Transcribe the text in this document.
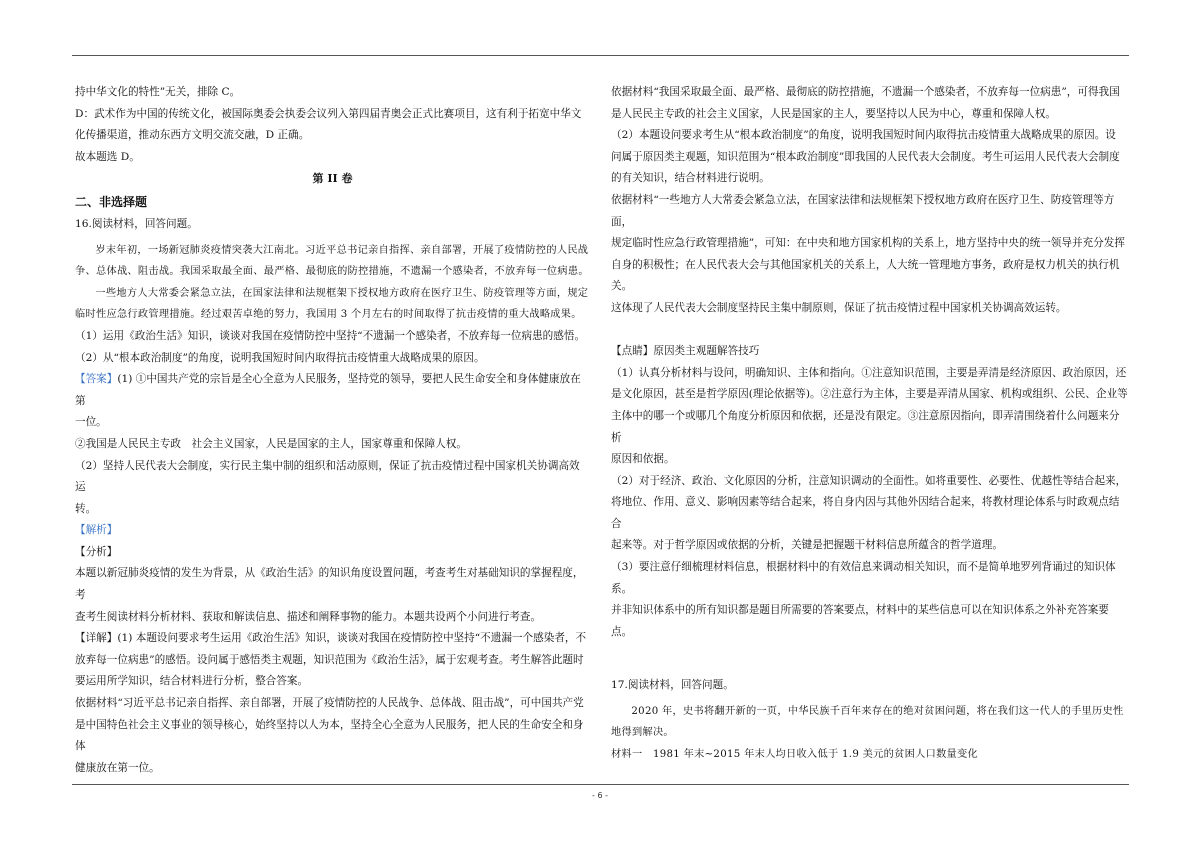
持中华文化的特性”无关，排除 C。

D：武术作为中国的传统文化，被国际奥委会执委会议列入第四届青奥会正式比赛项目，这有利于拓宽中华文

化传播渠道，推动东西方文明交流交融，D 正确。

故本题选 D。

第 II 卷

二、非选择题

16.阅读材料，回答问题。

岁末年初，一场新冠肺炎疫情突袭大江南北。习近平总书记亲自指挥、亲自部署，开展了疫情防控的人民战

争、总体战、阻击战。我国采取最全面、最严格、最彻底的防控措施，不遗漏一个感染者，不放弃每一位病患。

一些地方人大常委会紧急立法，在国家法律和法规框架下授权地方政府在医疗卫生、防疫管理等方面，规定

临时性应急行政管理措施。经过艰苦卓绝的努力，我国用 3 个月左右的时间取得了抗击疫情的重大战略成果。

（1）运用《政治生活》知识，谈谈对我国在疫情防控中坚持“不遗漏一个感染者，不放弃每一位病患的感悟。

（2）从“根本政治制度”的角度，说明我国短时间内取得抗击疫情重大战略成果的原因。

【答案】(1) ①中国共产党的宗旨是全心全意为人民服务，坚持党的领导，要把人民生命安全和身体健康放在第

一位。

②我国是人民民主专政　社会主义国家，人民是国家的主人，国家尊重和保障人权。

（2）坚持人民代表大会制度，实行民主集中制的组织和活动原则，保证了抗击疫情过程中国家机关协调高效运

转。

【解析】

【分析】

本题以新冠肺炎疫情的发生为背景，从《政治生活》的知识角度设置问题，考查考生对基础知识的掌握程度，考

查考生阅读材料分析材料、获取和解读信息、描述和阐释事物的能力。本题共设两个小问进行考查。

【详解】(1) 本题设问要求考生运用《政治生活》知识，谈谈对我国在疫情防控中坚持“不遗漏一个感染者，不

放弃每一位病患”的感悟。设问属于感悟类主观题，知识范围为《政治生活》，属于宏观考查。考生解答此题时

要运用所学知识，结合材料进行分析，整合答案。

依据材料“习近平总书记亲自指挥、亲自部署，开展了疫情防控的人民战争、总体战、阻击战”，可中国共产党

是中国特色社会主义事业的领导核心，始终坚持以人为本，坚持全心全意为人民服务，把人民的生命安全和身体

健康放在第一位。

依据材料“我国采取最全面、最严格、最彻底的防控措施，不遗漏一个感染者，不放弃每一位病患”，可得我国

是人民民主专政的社会主义国家，人民是国家的主人，要坚持以人民为中心，尊重和保障人权。

（2）本题设问要求考生从“根本政治制度”的角度，说明我国短时间内取得抗击疫情重大战略成果的原因。设

问属于原因类主观题，知识范围为“根本政治制度”即我国的人民代表大会制度。考生可运用人民代表大会制度

的有关知识，结合材料进行说明。

依据材料“一些地方人大常委会紧急立法，在国家法律和法规框架下授权地方政府在医疗卫生、防疫管理等方面，

规定临时性应急行政管理措施”，可知：在中央和地方国家机构的关系上，地方坚持中央的统一领导并充分发挥

自身的积极性；在人民代表大会与其他国家机关的关系上，人大统一管理地方事务，政府是权力机关的执行机关。

这体现了人民代表大会制度坚持民主集中制原则，保证了抗击疫情过程中国家机关协调高效运转。

【点睛】原因类主观题解答技巧

（1）认真分析材料与设问，明确知识、主体和指向。①注意知识范围，主要是弄清是经济原因、政治原因，还

是文化原因，甚至是哲学原因(理论依据等)。②注意行为主体，主要是弄清从国家、机构或组织、公民、企业等

主体中的哪一个或哪几个角度分析原因和依据，还是没有限定。③注意原因指向，即弄清围绕着什么问题来分析

原因和依据。

（2）对于经济、政治、文化原因的分析，注意知识调动的全面性。如将重要性、必要性、优越性等结合起来，

将地位、作用、意义、影响因素等结合起来，将自身内因与其他外因结合起来，将教材理论体系与时政观点结合

起来等。对于哲学原因或依据的分析，关键是把握题干材料信息所蕴含的哲学道理。

（3）要注意仔细梳理材料信息，根据材料中的有效信息来调动相关知识，而不是简单地罗列背诵过的知识体系。

并非知识体系中的所有知识都是题目所需要的答案要点，材料中的某些信息可以在知识体系之外补充答案要点。

17.阅读材料，回答问题。

2020 年，史书将翻开新的一页，中华民族千百年来存在的绝对贫困问题，将在我们这一代人的手里历史性

地得到解决。

材料一　1981 年末~2015 年末人均日收入低于 1.9 美元的贫困人口数量变化

- 6 -
